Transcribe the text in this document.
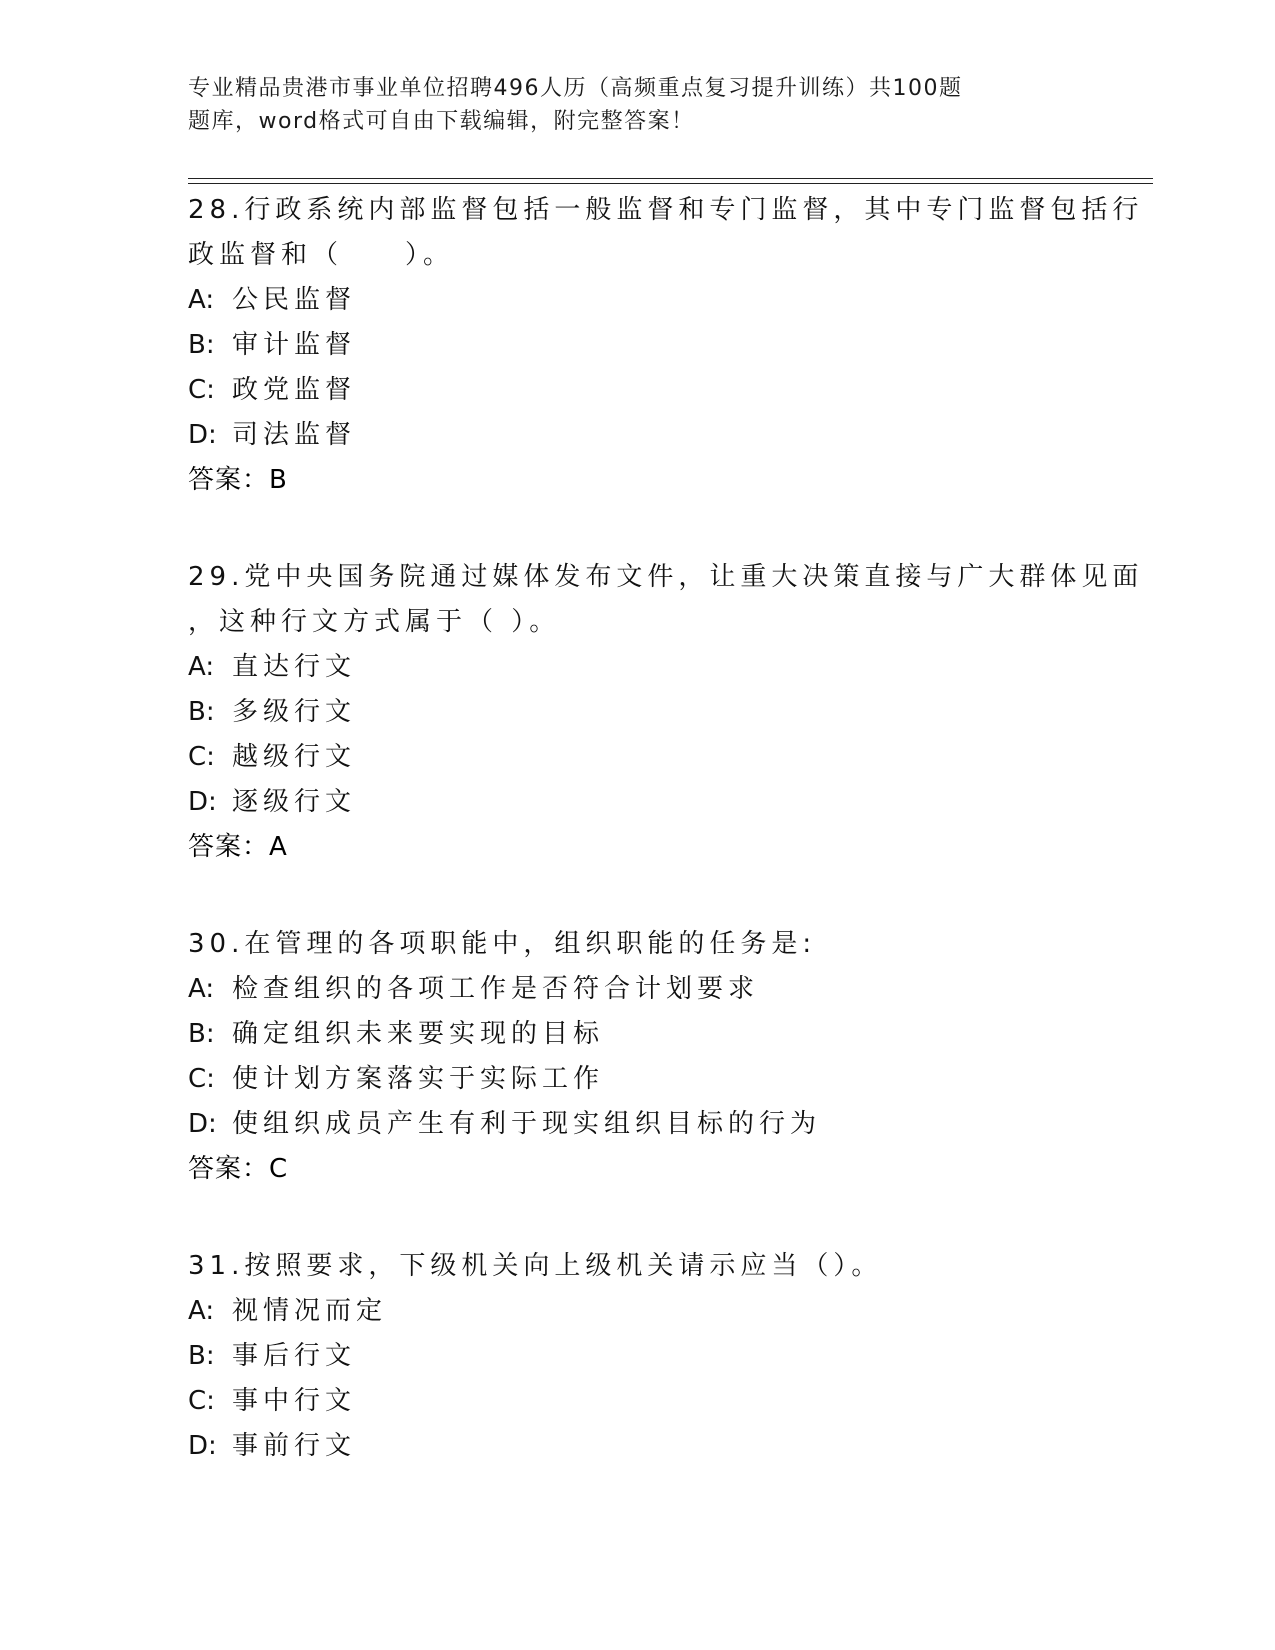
专业精品贵港市事业单位招聘496人历（高频重点复习提升训练）共100题
题库，word格式可自由下载编辑，附完整答案！

28.行政系统内部监督包括一般监督和专门监督，其中专门监督包括行
政监督和（　　）。

A: 公民监督
B: 审计监督
C: 政党监督
D: 司法监督
答案：B

29.党中央国务院通过媒体发布文件，让重大决策直接与广大群体见面
，这种行文方式属于（ ）。

A: 直达行文
B: 多级行文
C: 越级行文
D: 逐级行文
答案：A

30.在管理的各项职能中，组织职能的任务是:

A: 检查组织的各项工作是否符合计划要求
B: 确定组织未来要实现的目标
C: 使计划方案落实于实际工作
D: 使组织成员产生有利于现实组织目标的行为
答案：C

31.按照要求，下级机关向上级机关请示应当（）。

A: 视情况而定
B: 事后行文
C: 事中行文
D: 事前行文
